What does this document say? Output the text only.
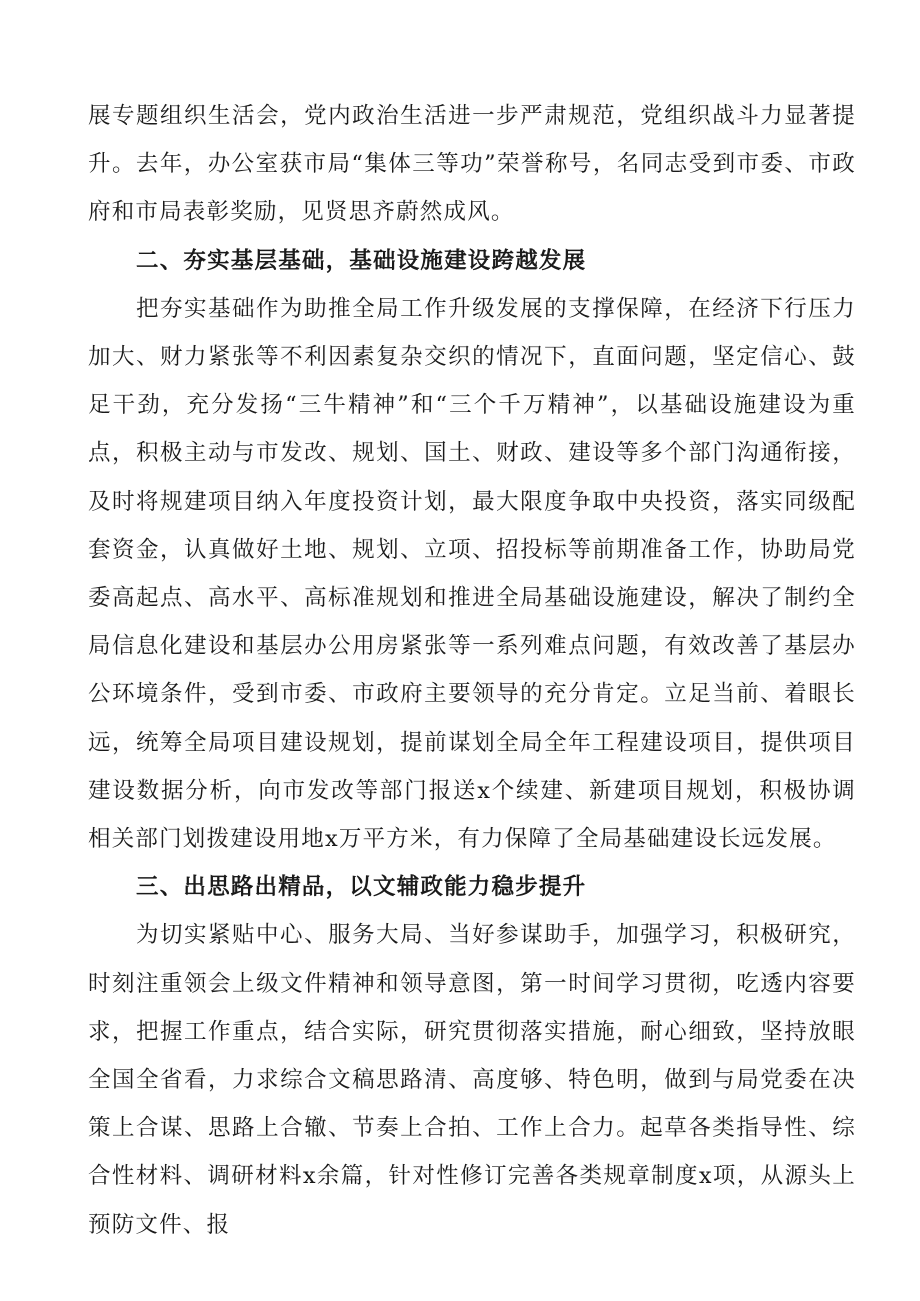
展专题组织生活会，党内政治生活进一步严肃规范，党组织战斗力显著提升。去年，办公室获市局“集体三等功”荣誉称号，名同志受到市委、市政府和市局表彰奖励，见贤思齐蔚然成风。

二、夯实基层基础，基础设施建设跨越发展

把夯实基础作为助推全局工作升级发展的支撑保障，在经济下行压力加大、财力紧张等不利因素复杂交织的情况下，直面问题，坚定信心、鼓足干劲，充分发扬“三牛精神”和“三个千万精神”，以基础设施建设为重点，积极主动与市发改、规划、国土、财政、建设等多个部门沟通衔接，及时将规建项目纳入年度投资计划，最大限度争取中央投资，落实同级配套资金，认真做好土地、规划、立项、招投标等前期准备工作，协助局党委高起点、高水平、高标准规划和推进全局基础设施建设，解决了制约全局信息化建设和基层办公用房紧张等一系列难点问题，有效改善了基层办公环境条件，受到市委、市政府主要领导的充分肯定。立足当前、着眼长远，统筹全局项目建设规划，提前谋划全局全年工程建设项目，提供项目建设数据分析，向市发改等部门报送x个续建、新建项目规划，积极协调相关部门划拨建设用地x万平方米，有力保障了全局基础建设长远发展。

三、出思路出精品，以文辅政能力稳步提升

为切实紧贴中心、服务大局、当好参谋助手，加强学习，积极研究，时刻注重领会上级文件精神和领导意图，第一时间学习贯彻，吃透内容要求，把握工作重点，结合实际，研究贯彻落实措施，耐心细致，坚持放眼全国全省看，力求综合文稿思路清、高度够、特色明，做到与局党委在决策上合谋、思路上合辙、节奏上合拍、工作上合力。起草各类指导性、综合性材料、调研材料x余篇，针对性修订完善各类规章制度x项，从源头上预防文件、报
